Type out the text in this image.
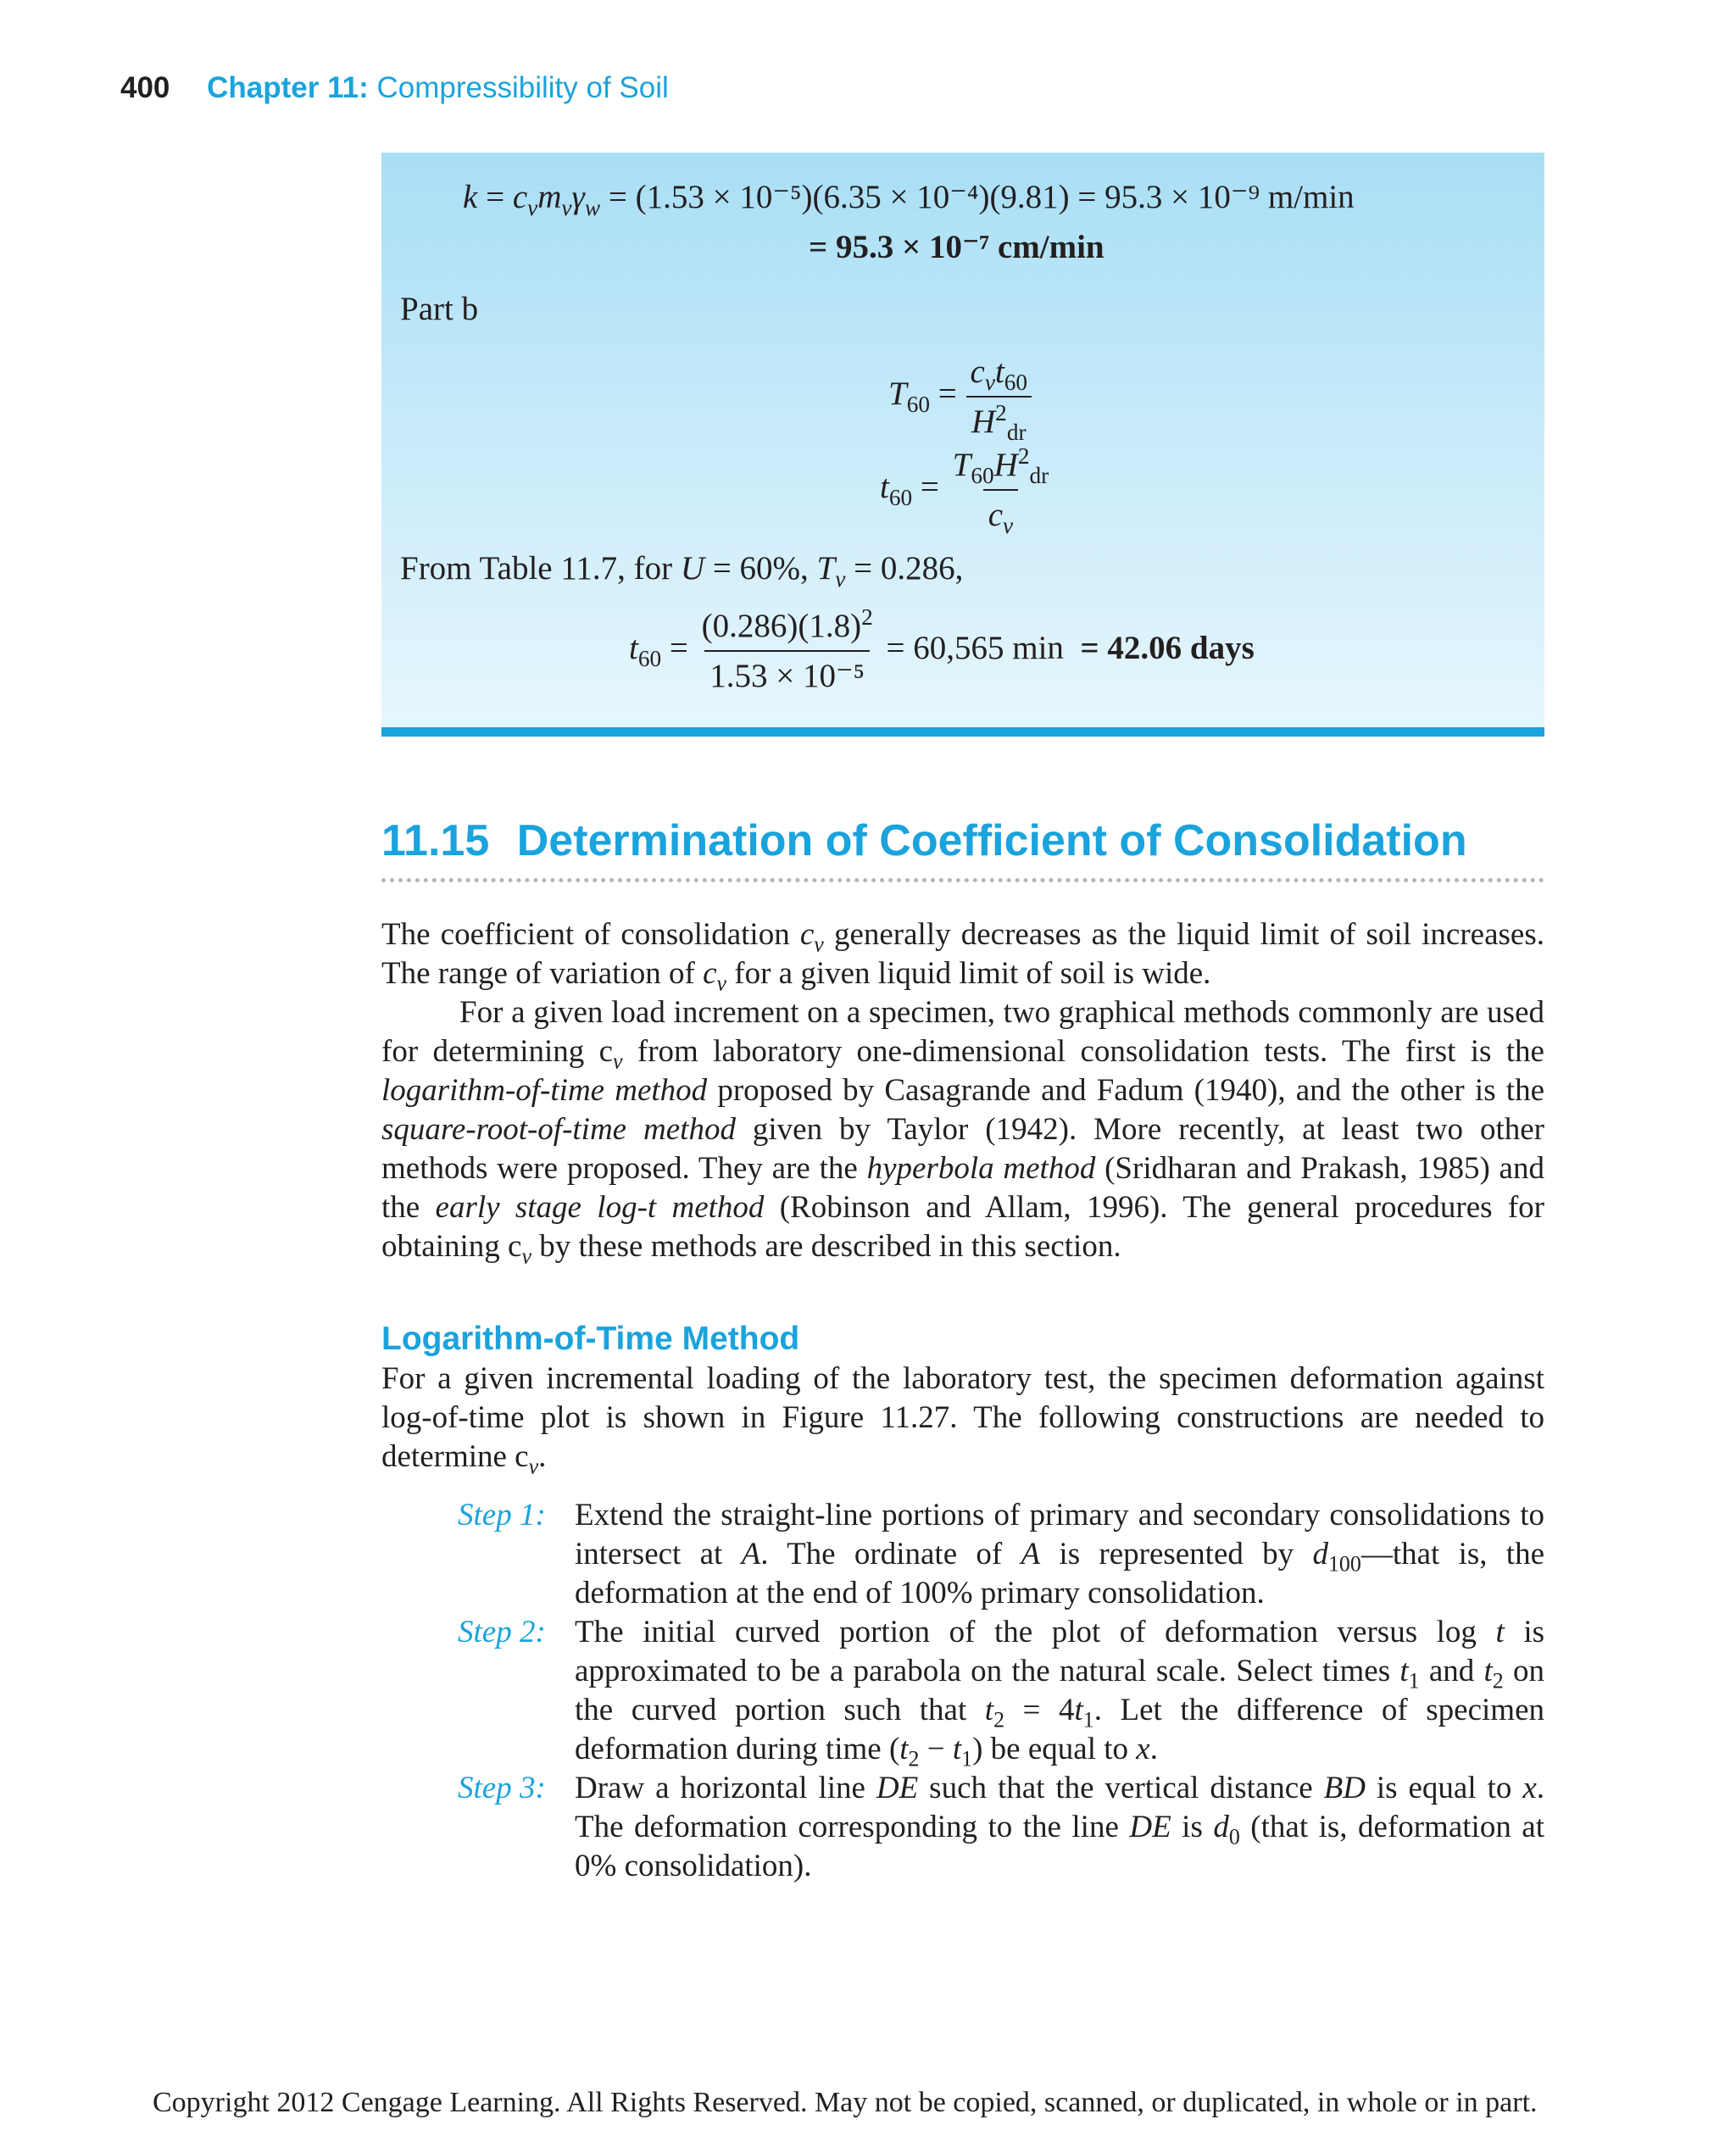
400 Chapter 11: Compressibility of Soil
$k = c_vm_v\gamma_w = (1.53 \times 10^{-5})(6.35 \times 10^{-4})(9.81) = 95.3 \times 10^{-9}$ m/min
= 95.3 × 10⁻⁷ cm/min
Part b
$T_{60} = \frac{c_vt_{60}}{H^2_{dr}}$
$t_{60} = \frac{T_{60}H^2_{dr}}{c_v}$
From Table 11.7, for U = 60%, $T_v = 0.286$,
$t_{60} = \frac{(0.286)(1.8)^2}{\text{1.53 × 10⁻⁵}} = 60,565$ min = 42.06 days
11.15 Determination of Coefficient of Consolidation

The coefficient of consolidation $c_v$ generally decreases as the liquid limit of soil increases. The range of variation of $c_v$ for a given liquid limit of soil is wide.

For a given load increment on a specimen, two graphical methods commonly are used for determining $c_v$ from laboratory one-dimensional consolidation tests. The first is the logarithm-of-time method proposed by Casagrande and Fadum (1940), and the other is the square-root-of-time method given by Taylor (1942). More recently, at least two other methods were proposed. They are the hyperbola method (Sridharan and Prakash, 1985) and the early stage log-t method (Robinson and Allam, 1996). The general procedures for obtaining $c_v$ by these methods are described in this section.

Logarithm-of-Time Method

For a given incremental loading of the laboratory test, the specimen deformation against log-of-time plot is shown in Figure 11.27. The following constructions are needed to determine $c_v$.

Step 1: Extend the straight-line portions of primary and secondary consolidations to intersect at A. The ordinate of A is represented by $d_{100}—that$ is, the deformation at the end of 100% primary consolidation.
Step 2: The initial curved portion of the plot of deformation versus log t is approximated to be a parabola on the natural scale. Select times $t_1$ and $t_2$ on the curved portion such that $t_2 = 4t_1$. Let the difference of specimen deformation during time $(t_2 - t_1)$ be equal to x.
Step 3: Draw a horizontal line DE such that the vertical distance BD is equal to x. The deformation corresponding to the line DE is $d_0$ (that is, deformation at 0% consolidation).
Copyright 2012 Cengage Learning. All Rights Reserved. May not be copied, scanned, or duplicated, in whole or in part.
